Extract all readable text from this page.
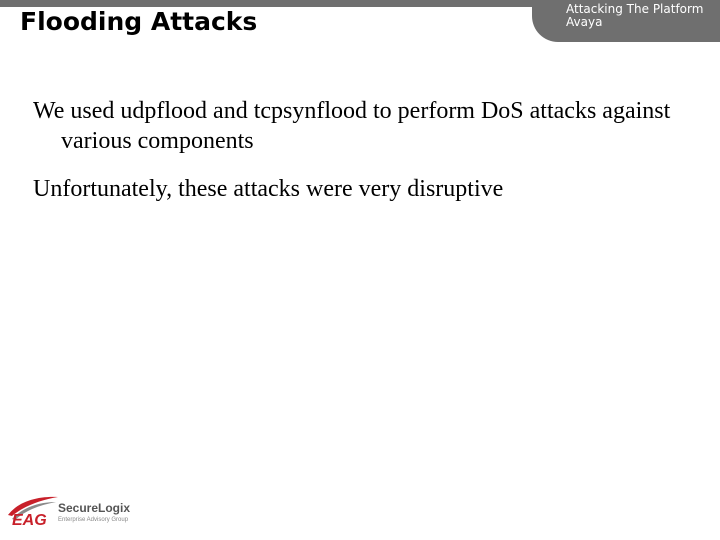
Flooding Attacks	Attacking The Platform
Avaya
We used udpflood and tcpsynflood to perform DoS attacks against various components
Unfortunately, these attacks were very disruptive
EAG
SecureLogix
Enterprise Advisory Group
